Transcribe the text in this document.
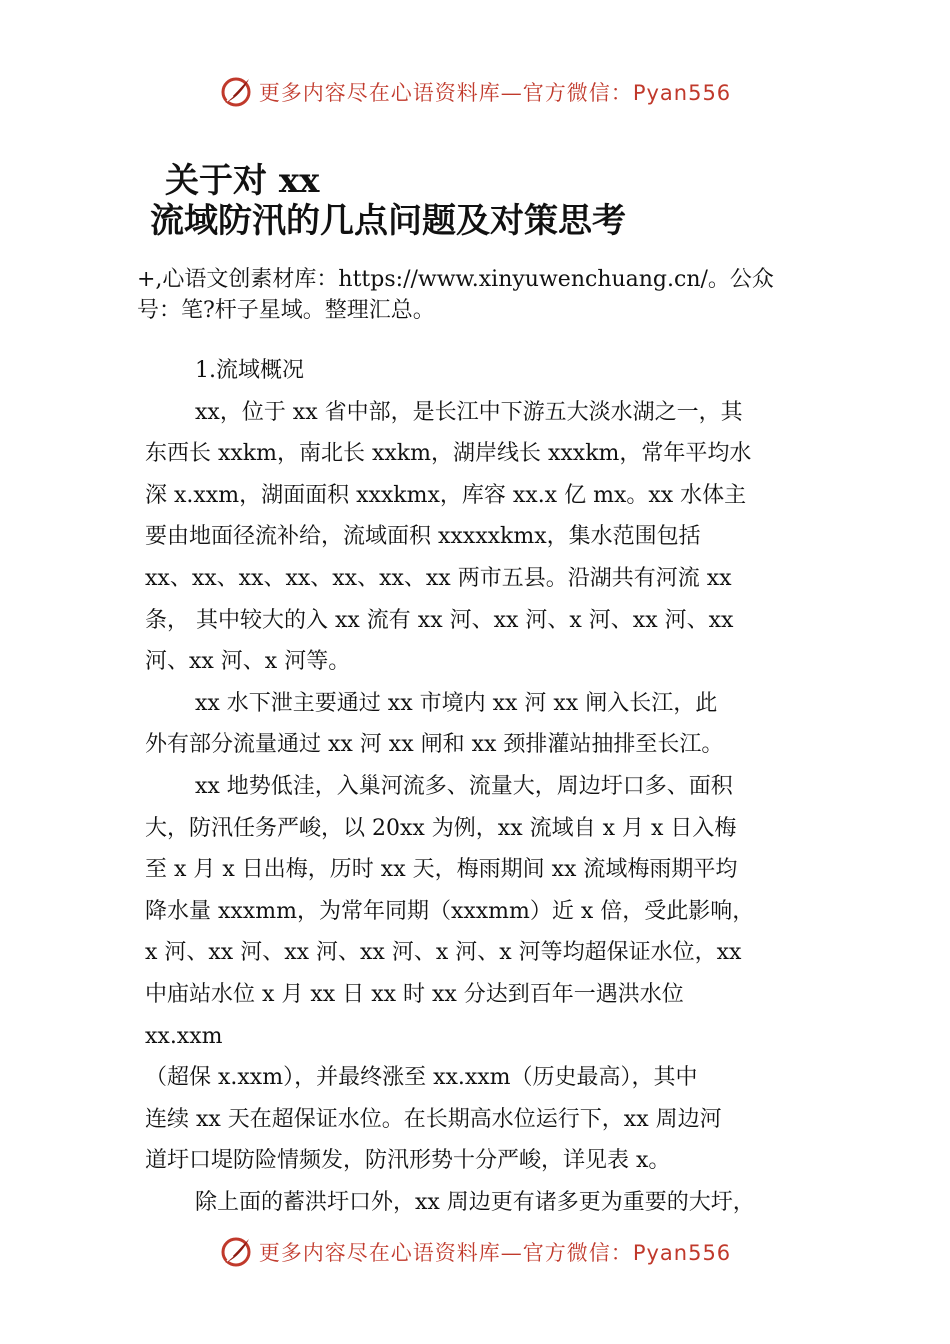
更多内容尽在心语资料库—官方微信：Pyan556
关于对 xx
流域防汛的几点问题及对策思考
+,心语文创素材库：https://www.xinyuwenchuang.cn/。公众
号：笔?杆子星域。整理汇总。
1.流域概况
xx，位于 xx 省中部，是长江中下游五大淡水湖之一，其
东西长 xxkm，南北长 xxkm，湖岸线长 xxxkm，常年平均水
深 x.xxm，湖面面积 xxxkmx，库容 xx.x 亿 mx。xx 水体主
要由地面径流补给，流域面积 xxxxxkmx，集水范围包括
xx、xx、xx、xx、xx、xx、xx 两市五县。沿湖共有河流 xx
条， 其中较大的入 xx 流有 xx 河、xx 河、x 河、xx 河、xx
河、xx 河、x 河等。
xx 水下泄主要通过 xx 市境内 xx 河 xx 闸入长江，此
外有部分流量通过 xx 河 xx 闸和 xx 颈排灌站抽排至长江。
xx 地势低洼，入巢河流多、流量大，周边圩口多、面积
大，防汛任务严峻，以 20xx 为例，xx 流域自 x 月 x 日入梅
至 x 月 x 日出梅，历时 xx 天，梅雨期间 xx 流域梅雨期平均
降水量 xxxmm，为常年同期（xxxmm）近 x 倍，受此影响，
x 河、xx 河、xx 河、xx 河、x 河、x 河等均超保证水位，xx
中庙站水位 x 月 xx 日 xx 时 xx 分达到百年一遇洪水位
xx.xxm
（超保 x.xxm），并最终涨至 xx.xxm（历史最高），其中
连续 xx 天在超保证水位。在长期高水位运行下，xx 周边河
道圩口堤防险情频发，防汛形势十分严峻，详见表 x。
除上面的蓄洪圩口外，xx 周边更有诸多更为重要的大圩，
更多内容尽在心语资料库—官方微信：Pyan556
